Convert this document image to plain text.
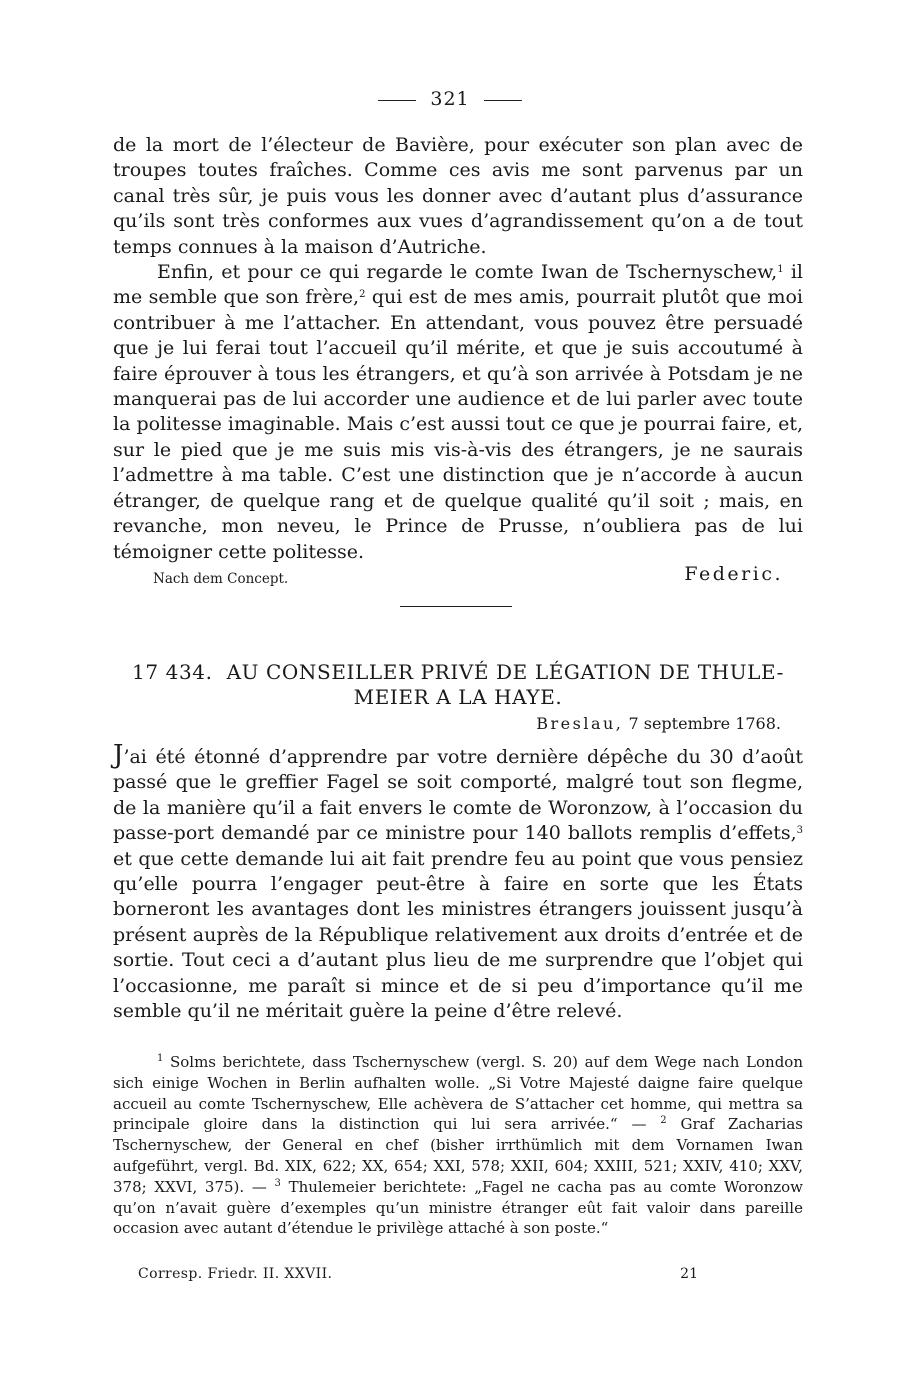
321

de la mort de l’électeur de Bavière, pour exécuter son plan avec de troupes toutes fraîches. Comme ces avis me sont parvenus par un canal très sûr, je puis vous les donner avec d’autant plus d’assurance qu’ils sont très conformes aux vues d’agrandissement qu’on a de tout temps connues à la maison d’Autriche.

Enfin, et pour ce qui regarde le comte Iwan de Tschernyschew,$^1$ il me semble que son frère,$^2$ qui est de mes amis, pourrait plutôt que moi contribuer à me l’attacher. En attendant, vous pouvez être persuadé que je lui ferai tout l’accueil qu’il mérite, et que je suis accoutumé à faire éprouver à tous les étrangers, et qu’à son arrivée à Potsdam je ne manquerai pas de lui accorder une audience et de lui parler avec toute la politesse imaginable. Mais c’est aussi tout ce que je pourrai faire, et, sur le pied que je me suis mis vis-à-vis des étrangers, je ne saurais l’admettre à ma table. C’est une distinction que je n’accorde à aucun étranger, de quelque rang et de quelque qualité qu’il soit ; mais, en revanche, mon neveu, le Prince de Prusse, n’oubliera pas de lui témoigner cette politesse.

Nach dem Concept.	Federic.
17 434. AU CONSEILLER PRIVÉ DE LÉGATION DE THULE-MEIER A LA HAYE.
Breslau, 7 septembre 1768.

J’ai été étonné d’apprendre par votre dernière dépêche du 30 d’août passé que le greffier Fagel se soit comporté, malgré tout son flegme, de la manière qu’il a fait envers le comte de Woronzow, à l’occasion du passe-port demandé par ce ministre pour 140 ballots remplis d’effets,$^3$ et que cette demande lui ait fait prendre feu au point que vous pensiez qu’elle pourra l’engager peut-être à faire en sorte que les États borneront les avantages dont les ministres étrangers jouissent jusqu’à présent auprès de la République relativement aux droits d’entrée et de sortie. Tout ceci a d’autant plus lieu de me surprendre que l’objet qui l’occasionne, me paraît si mince et de si peu d’importance qu’il me semble qu’il ne méritait guère la peine d’être relevé.

$^1$ Solms berichtete, dass Tschernyschew (vergl. S. 20) auf dem Wege nach London sich einige Wochen in Berlin aufhalten wolle. „Si Votre Majesté daigne faire quelque accueil au comte Tschernyschew, Elle achèvera de S’attacher cet homme, qui mettra sa principale gloire dans la distinction qui lui sera arrivée.“ — $^2$ Graf Zacharias Tschernyschew, der General en chef (bisher irrthümlich mit dem Vornamen Iwan aufgeführt, vergl. Bd. XIX, 622; XX, 654; XXI, 578; XXII, 604; XXIII, 521; XXIV, 410; XXV, 378; XXVI, 375). — $^3$ Thulemeier berichtete: „Fagel ne cacha pas au comte Woronzow qu’on n’avait guère d’exemples qu’un ministre étranger eût fait valoir dans pareille occasion avec autant d’étendue le privilège attaché à son poste.“

Corresp. Friedr. II. XXVII.	21
